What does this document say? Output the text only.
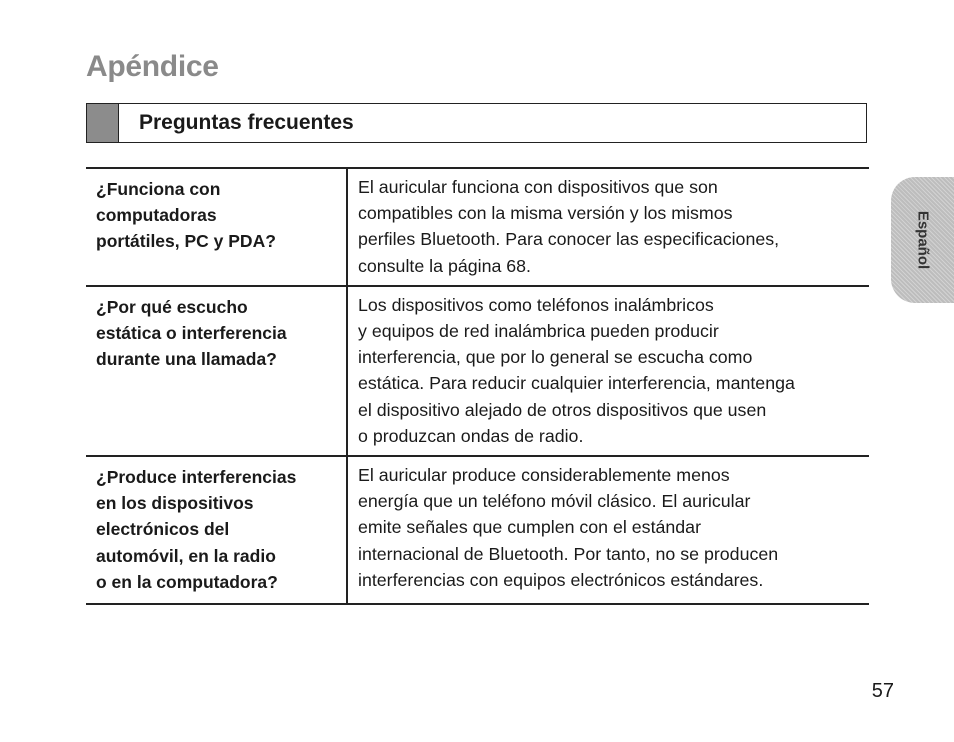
Apéndice
Preguntas frecuentes
¿Funciona con
computadoras
portátiles, PC y PDA?
El auricular funciona con dispositivos que son
compatibles con la misma versión y los mismos
perfiles Bluetooth. Para conocer las especificaciones,
consulte la página 68.
¿Por qué escucho
estática o interferencia
durante una llamada?
Los dispositivos como teléfonos inalámbricos
y equipos de red inalámbrica pueden producir
interferencia, que por lo general se escucha como
estática. Para reducir cualquier interferencia, mantenga
el dispositivo alejado de otros dispositivos que usen
o produzcan ondas de radio.
¿Produce interferencias
en los dispositivos
electrónicos del
automóvil, en la radio
o en la computadora?
El auricular produce considerablemente menos
energía que un teléfono móvil clásico. El auricular
emite señales que cumplen con el estándar
internacional de Bluetooth. Por tanto, no se producen
interferencias con equipos electrónicos estándares.
Español
57
